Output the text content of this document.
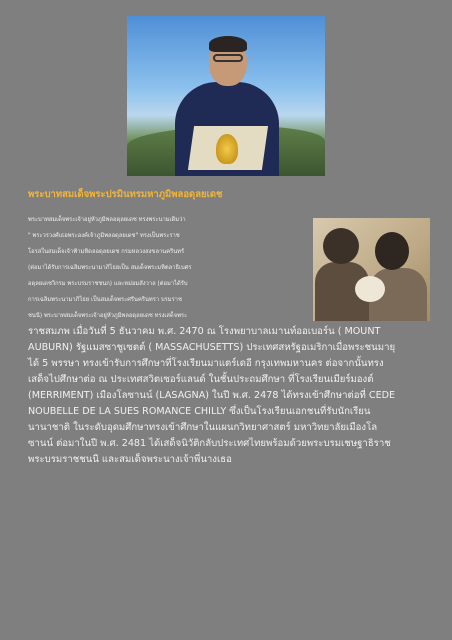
พระบาทสมเด็จพระปรมินทรมหาภูมิพลอดุลยเดช

พระบาทสมเด็จพระเจ้าอยู่หัวภูมิพลอดุลยเดช ทรงพระนามเดิมว่า
" พระวรวงศ์เธอพระองค์เจ้าภูมิพลอดุลยเดช" ทรงเป็นพระราช
โอรสในสมเด็จเจ้าฟ้ามหิดลอดุลยเดช กรมหลวงสงขลานครินทร์
(ต่อมาได้รับการเฉลิมพระนามาภิไธยเป็น สมเด็จพระมหิตลาธิเบศร
อดุลยเดชวิกรม พระบรมราชชนก) และหม่อมสังวาล (ต่อมาได้รับ
การเฉลิมพระนามาภิไธย เป็นสมเด็จพระศรีนครินทรา บรมราช
ชนนี) พระบาทสมเด็จพระเจ้าอยู่หัวภูมิพลอดุลยเดช ทรงเสด็จพระ
ราชสมภพ เมื่อวันที่ 5 ธันวาคม พ.ศ. 2470 ณ โรงพยาบาลเมานท์ออเบอร์น ( MOUNT
AUBURN) รัฐแมสซาชูเซตต์ ( MASSACHUSETTS) ประเทศสหรัฐอเมริกาเมื่อพระชนมายุ
ได้ 5 พรรษา ทรงเข้ารับการศึกษาที่โรงเรียนมาแตร์เดอี กรุงเทพมหานคร ต่อจากนั้นทรง
เสด็จไปศึกษาต่อ ณ ประเทศสวิตเซอร์แลนด์ ในชั้นประถมศึกษา ที่โรงเรียนเมียร์มองต์
(MERRIMENT) เมืองโลซานน์ (LASAGNA) ในปี พ.ศ. 2478 ได้ทรงเข้าศึกษาต่อที่ CEDE
NOUBELLE DE LA SUES ROMANCE CHILLY ซึ่งเป็นโรงเรียนเอกชนที่รับนักเรียน
นานาชาติ ในระดับอุดมศึกษาทรงเข้าศึกษาในแผนกวิทยาศาสตร์ มหาวิทยาลัยเมืองโล
ซานน์ ต่อมาในปี พ.ศ. 2481 ได้เสด็จนิวัติกลับประเทศไทยพร้อมด้วยพระบรมเชษฐาธิราช
พระบรมราชชนนี และสมเด็จพระนางเจ้าพี่นางเธอ
